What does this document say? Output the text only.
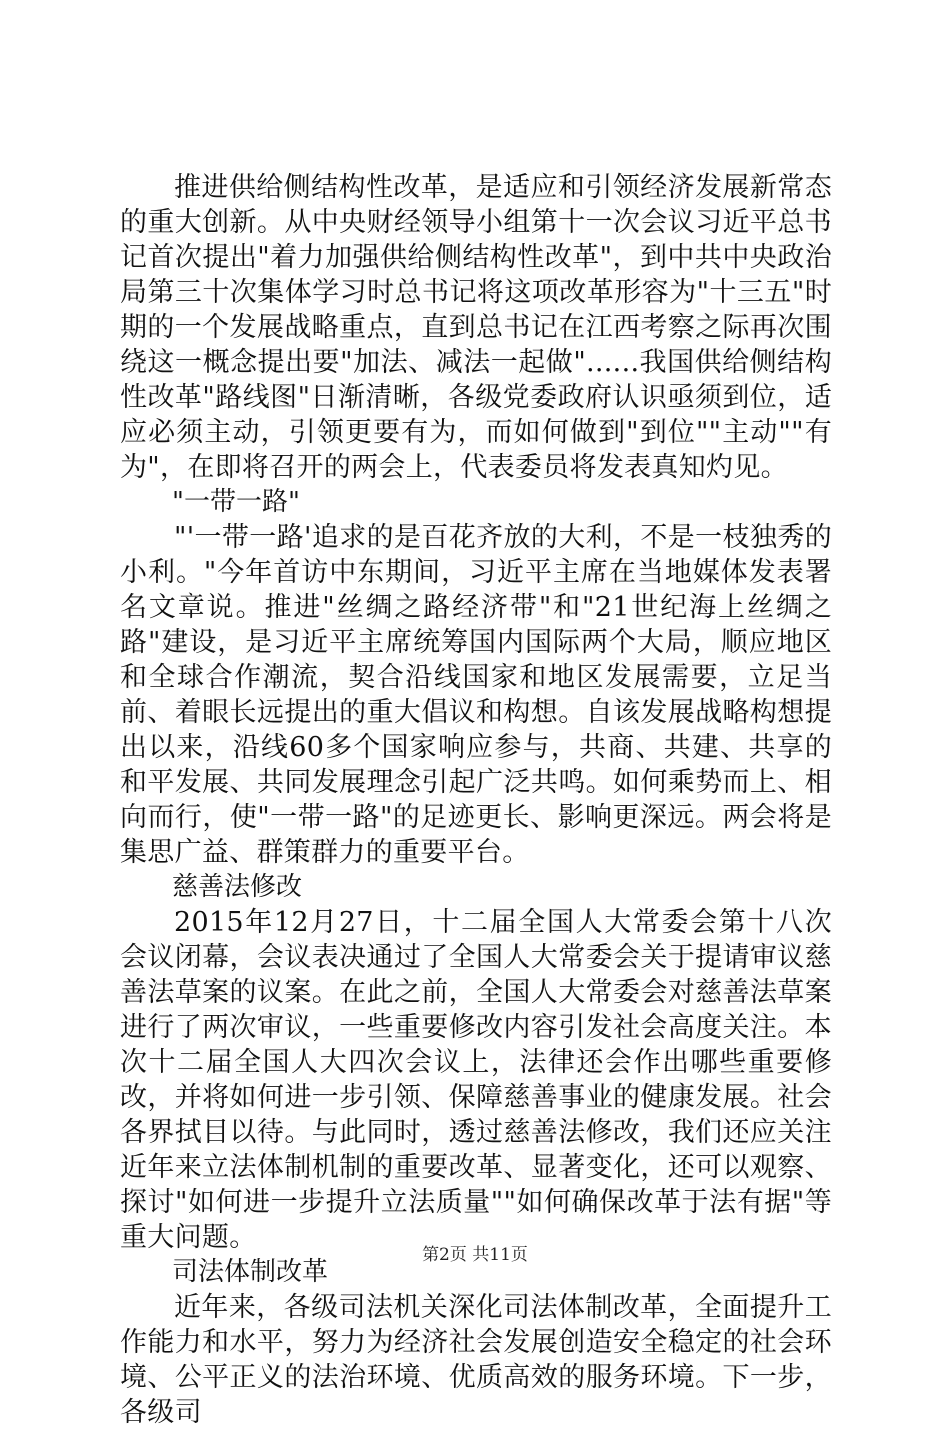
推进供给侧结构性改革，是适应和引领经济发展新常态的重大创新。从中央财经领导小组第十一次会议习近平总书记首次提出"着力加强供给侧结构性改革"，到中共中央政治局第三十次集体学习时总书记将这项改革形容为"十三五"时期的一个发展战略重点，直到总书记在江西考察之际再次围绕这一概念提出要"加法、减法一起做"......我国供给侧结构性改革"路线图"日渐清晰，各级党委政府认识亟须到位，适应必须主动，引领更要有为，而如何做到"到位""主动""有为"，在即将召开的两会上，代表委员将发表真知灼见。

"一带一路"

"'一带一路'追求的是百花齐放的大利，不是一枝独秀的小利。"今年首访中东期间，习近平主席在当地媒体发表署名文章说。推进"丝绸之路经济带"和"21世纪海上丝绸之路"建设，是习近平主席统筹国内国际两个大局，顺应地区和全球合作潮流，契合沿线国家和地区发展需要，立足当前、着眼长远提出的重大倡议和构想。自该发展战略构想提出以来，沿线60多个国家响应参与，共商、共建、共享的和平发展、共同发展理念引起广泛共鸣。如何乘势而上、相向而行，使"一带一路"的足迹更长、影响更深远。两会将是集思广益、群策群力的重要平台。

慈善法修改

2015年12月27日，十二届全国人大常委会第十八次会议闭幕，会议表决通过了全国人大常委会关于提请审议慈善法草案的议案。在此之前，全国人大常委会对慈善法草案进行了两次审议，一些重要修改内容引发社会高度关注。本次十二届全国人大四次会议上，法律还会作出哪些重要修改，并将如何进一步引领、保障慈善事业的健康发展。社会各界拭目以待。与此同时，透过慈善法修改，我们还应关注近年来立法体制机制的重要改革、显著变化，还可以观察、探讨"如何进一步提升立法质量""如何确保改革于法有据"等重大问题。

司法体制改革

近年来，各级司法机关深化司法体制改革，全面提升工作能力和水平，努力为经济社会发展创造安全稳定的社会环境、公平正义的法治环境、优质高效的服务环境。下一步，各级司

第2页 共11页
